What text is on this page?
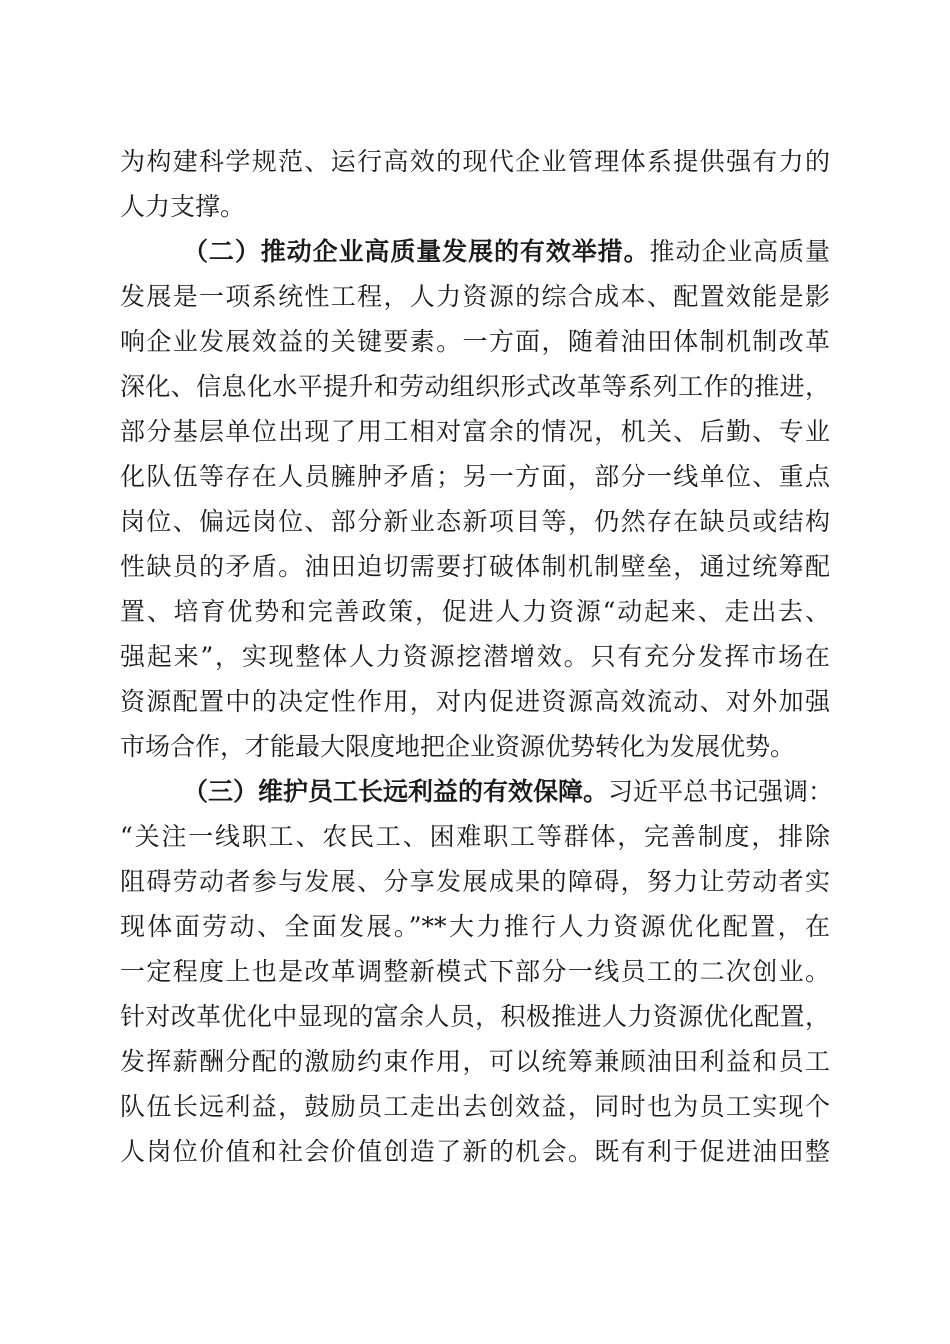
为构建科学规范、运行高效的现代企业管理体系提供强有力的
人力支撑。
（二）推动企业高质量发展的有效举措。推动企业高质量
发展是一项系统性工程，人力资源的综合成本、配置效能是影
响企业发展效益的关键要素。一方面，随着油田体制机制改革
深化、信息化水平提升和劳动组织形式改革等系列工作的推进，
部分基层单位出现了用工相对富余的情况，机关、后勤、专业
化队伍等存在人员臃肿矛盾；另一方面，部分一线单位、重点
岗位、偏远岗位、部分新业态新项目等，仍然存在缺员或结构
性缺员的矛盾。油田迫切需要打破体制机制壁垒，通过统筹配
置、培育优势和完善政策，促进人力资源“动起来、走出去、
强起来”，实现整体人力资源挖潜增效。只有充分发挥市场在
资源配置中的决定性作用，对内促进资源高效流动、对外加强
市场合作，才能最大限度地把企业资源优势转化为发展优势。
（三）维护员工长远利益的有效保障。习近平总书记强调：
“关注一线职工、农民工、困难职工等群体，完善制度，排除
阻碍劳动者参与发展、分享发展成果的障碍，努力让劳动者实
现体面劳动、全面发展。”**大力推行人力资源优化配置，在
一定程度上也是改革调整新模式下部分一线员工的二次创业。
针对改革优化中显现的富余人员，积极推进人力资源优化配置，
发挥薪酬分配的激励约束作用，可以统筹兼顾油田利益和员工
队伍长远利益，鼓励员工走出去创效益，同时也为员工实现个
人岗位价值和社会价值创造了新的机会。既有利于促进油田整
